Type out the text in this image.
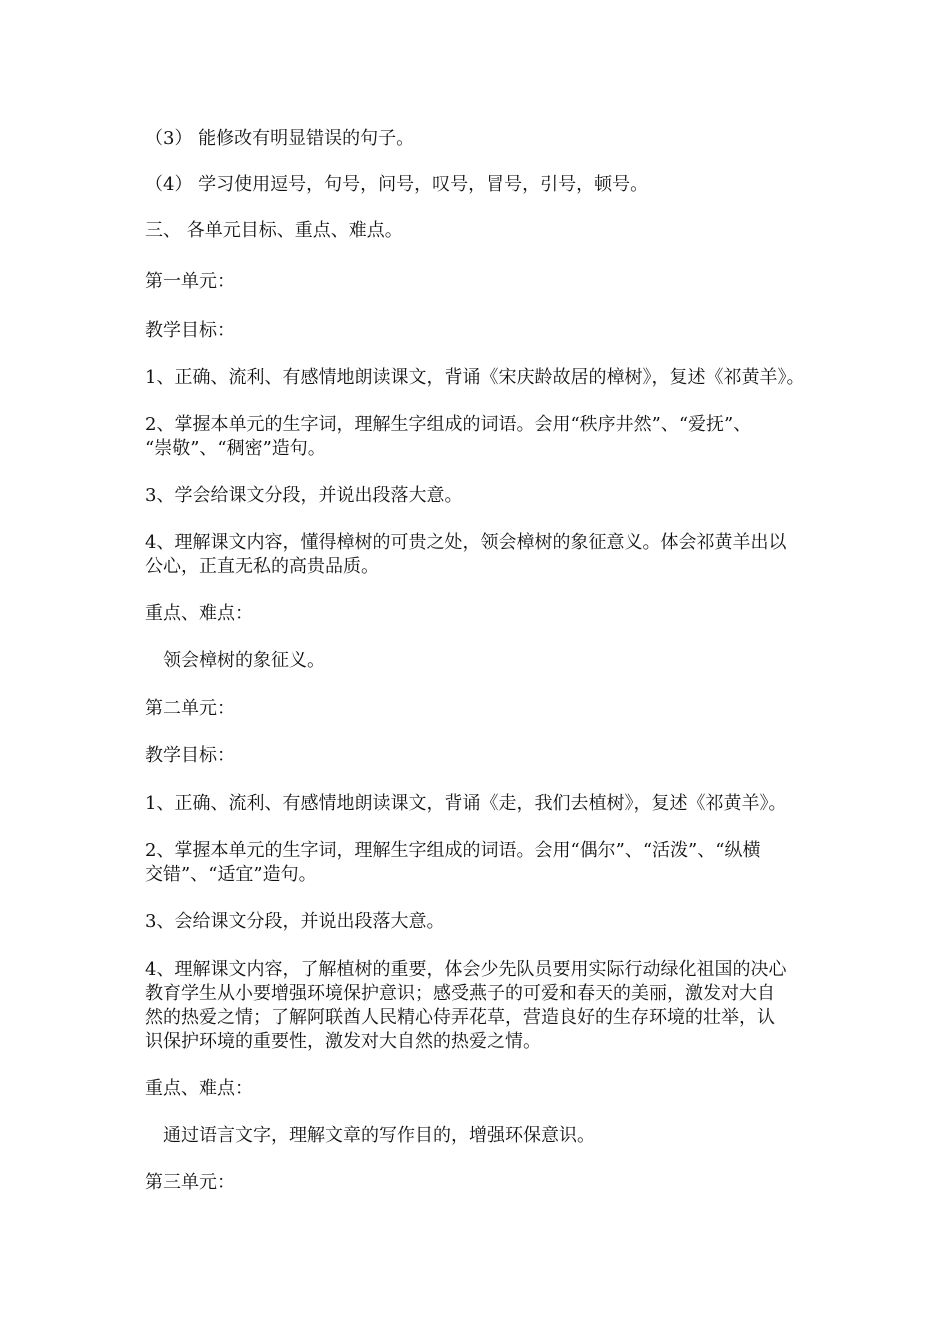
（3） 能修改有明显错误的句子。

（4） 学习使用逗号，句号，问号，叹号，冒号，引号，顿号。

三、 各单元目标、重点、难点。

第一单元：

教学目标：

1、正确、流利、有感情地朗读课文，背诵《宋庆龄故居的樟树》，复述《祁黄羊》。

2、掌握本单元的生字词，理解生字组成的词语。会用“秩序井然”、“爱抚”、

“崇敬”、“稠密”造句。

3、学会给课文分段，并说出段落大意。

4、理解课文内容，懂得樟树的可贵之处，领会樟树的象征意义。体会祁黄羊出以

公心，正直无私的高贵品质。

重点、难点：

领会樟树的象征义。

第二单元：

教学目标：

1、正确、流利、有感情地朗读课文，背诵《走，我们去植树》，复述《祁黄羊》。

2、掌握本单元的生字词，理解生字组成的词语。会用“偶尔”、“活泼”、“纵横

交错”、“适宜”造句。

3、会给课文分段，并说出段落大意。

4、理解课文内容，了解植树的重要，体会少先队员要用实际行动绿化祖国的决心

教育学生从小要增强环境保护意识；感受燕子的可爱和春天的美丽，激发对大自

然的热爱之情；了解阿联酋人民精心侍弄花草，营造良好的生存环境的壮举，认

识保护环境的重要性，激发对大自然的热爱之情。

重点、难点：

通过语言文字，理解文章的写作目的，增强环保意识。

第三单元：
